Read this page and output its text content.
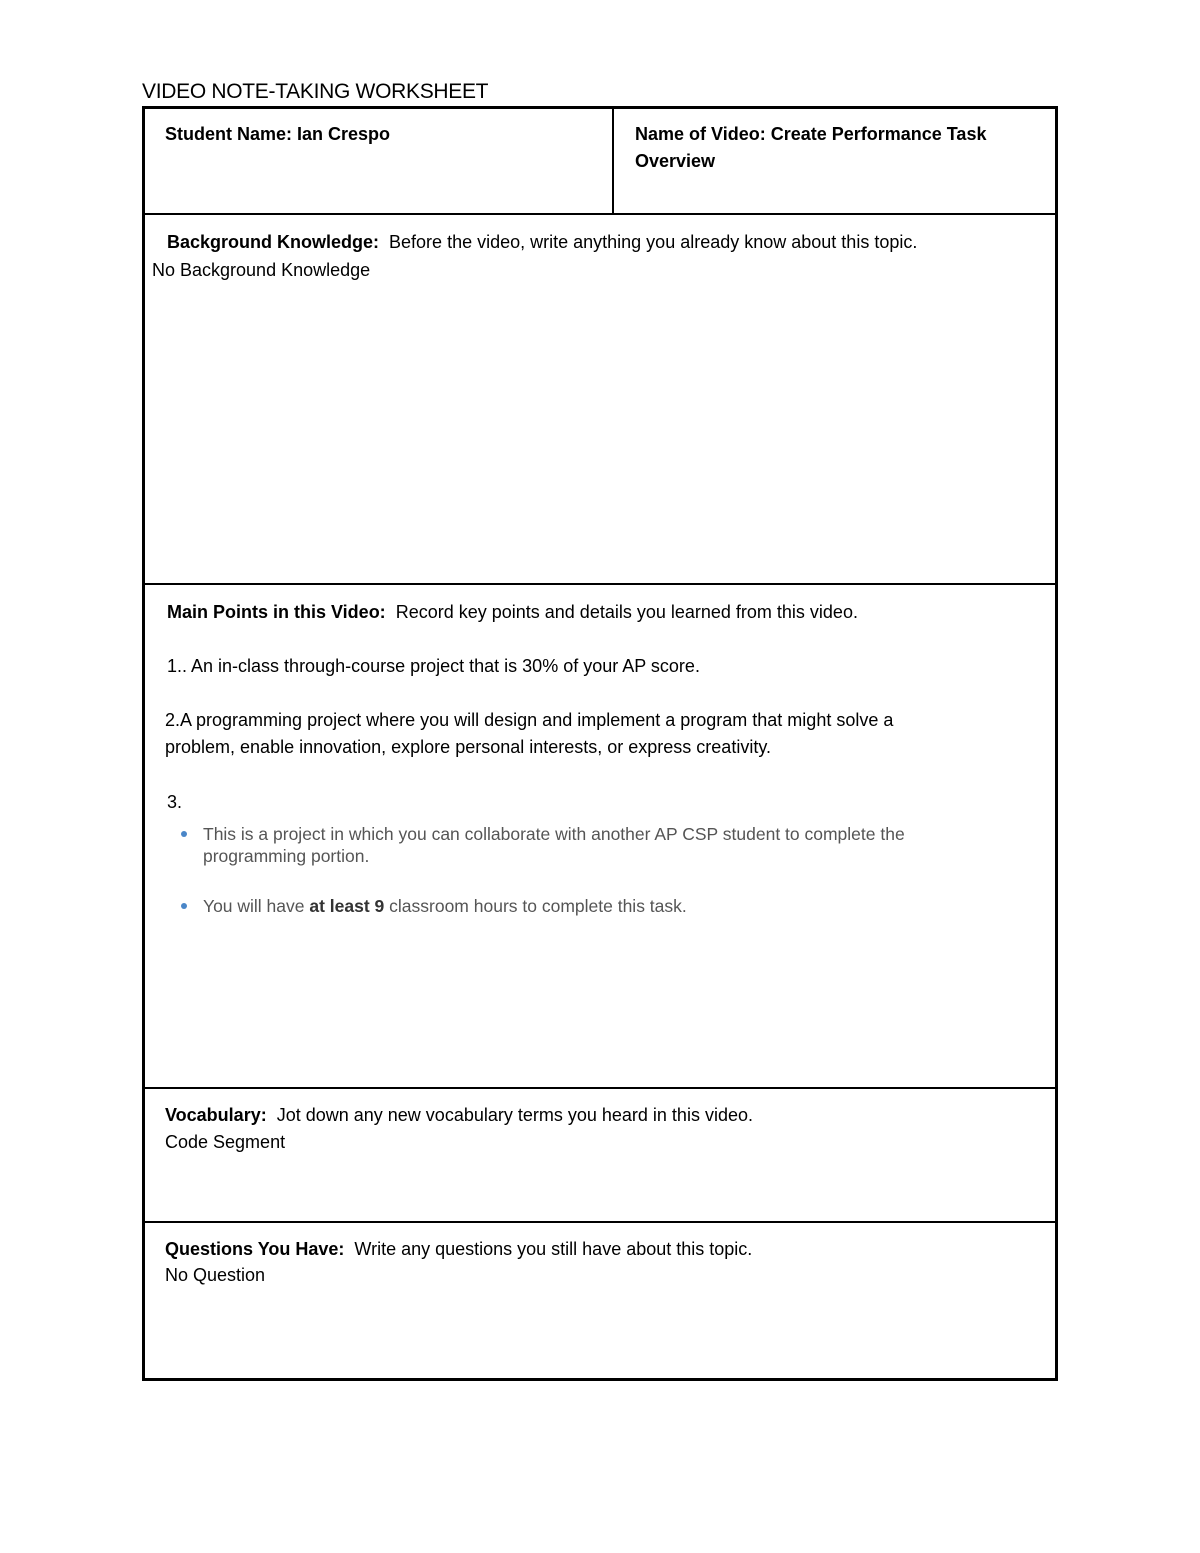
VIDEO NOTE-TAKING WORKSHEET
Student Name: Ian Crespo	Name of Video: Create Performance Task
Overview
Background Knowledge: Before the video, write anything you already know about this topic.
No Background Knowledge
Main Points in this Video: Record key points and details you learned from this video.
1.. An in-class through-course project that is 30% of your AP score.
2.A programming project where you will design and implement a program that might solve a
problem, enable innovation, explore personal interests, or express creativity.
3.
This is a project in which you can collaborate with another AP CSP student to complete the programming portion.
You will have at least 9 classroom hours to complete this task.
Vocabulary: Jot down any new vocabulary terms you heard in this video.
Code Segment
Questions You Have: Write any questions you still have about this topic.
No Question
